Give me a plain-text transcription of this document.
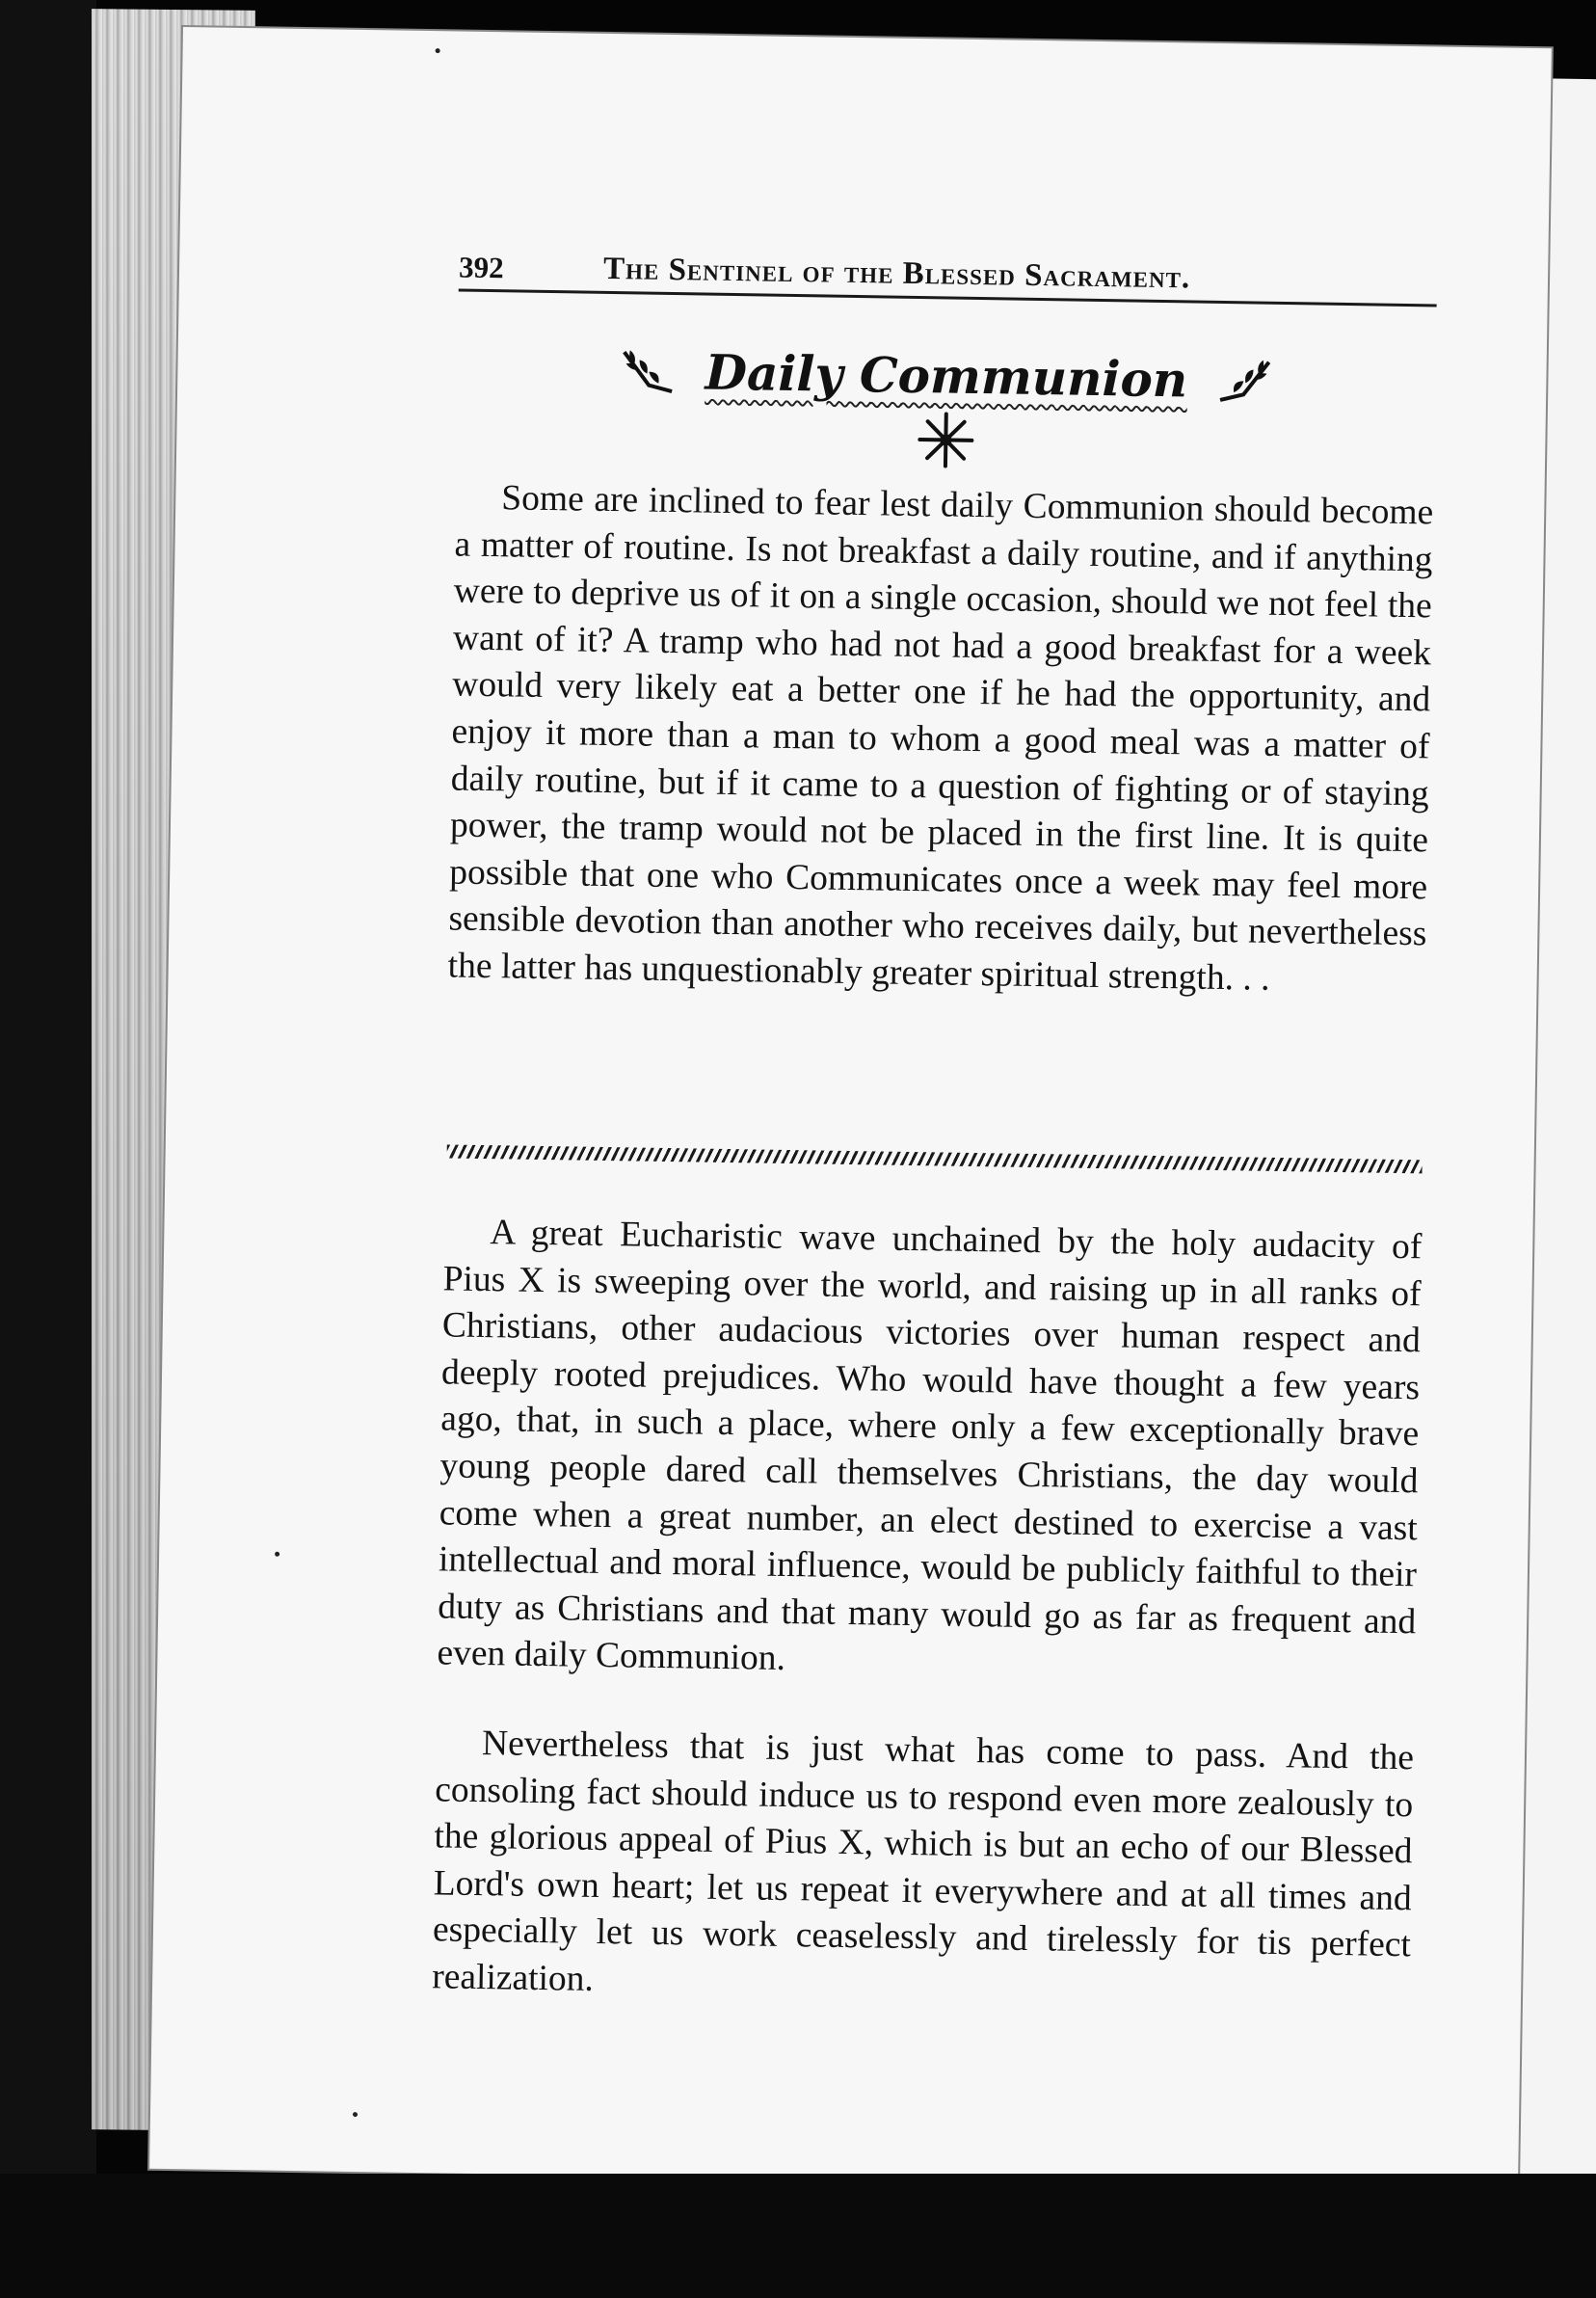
392	The Sentinel of the Blessed Sacrament.
Daily Communion

Some are inclined to fear lest daily Communion should become a matter of routine. Is not breakfast a daily routine, and if anything were to deprive us of it on a single occasion, should we not feel the want of it? A tramp who had not had a good breakfast for a week would very likely eat a better one if he had the opportunity, and enjoy it more than a man to whom a good meal was a matter of daily routine, but if it came to a question of fighting or of staying power, the tramp would not be placed in the first line. It is quite possible that one who Communicates once a week may feel more sensible devotion than another who receives daily, but nevertheless the latter has unquestionably greater spiritual strength. . .

A great Eucharistic wave unchained by the holy audacity of Pius X is sweeping over the world, and raising up in all ranks of Christians, other audacious victories over human respect and deeply rooted prejudices. Who would have thought a few years ago, that, in such a place, where only a few exceptionally brave young people dared call themselves Christians, the day would come when a great number, an elect destined to exercise a vast intellectual and moral influence, would be publicly faithful to their duty as Christians and that many would go as far as frequent and even daily Communion.

Nevertheless that is just what has come to pass. And the consoling fact should induce us to respond even more zealously to the glorious appeal of Pius X, which is but an echo of our Blessed Lord's own heart; let us repeat it everywhere and at all times and especially let us work ceaselessly and tirelessly for tis perfect realization.
